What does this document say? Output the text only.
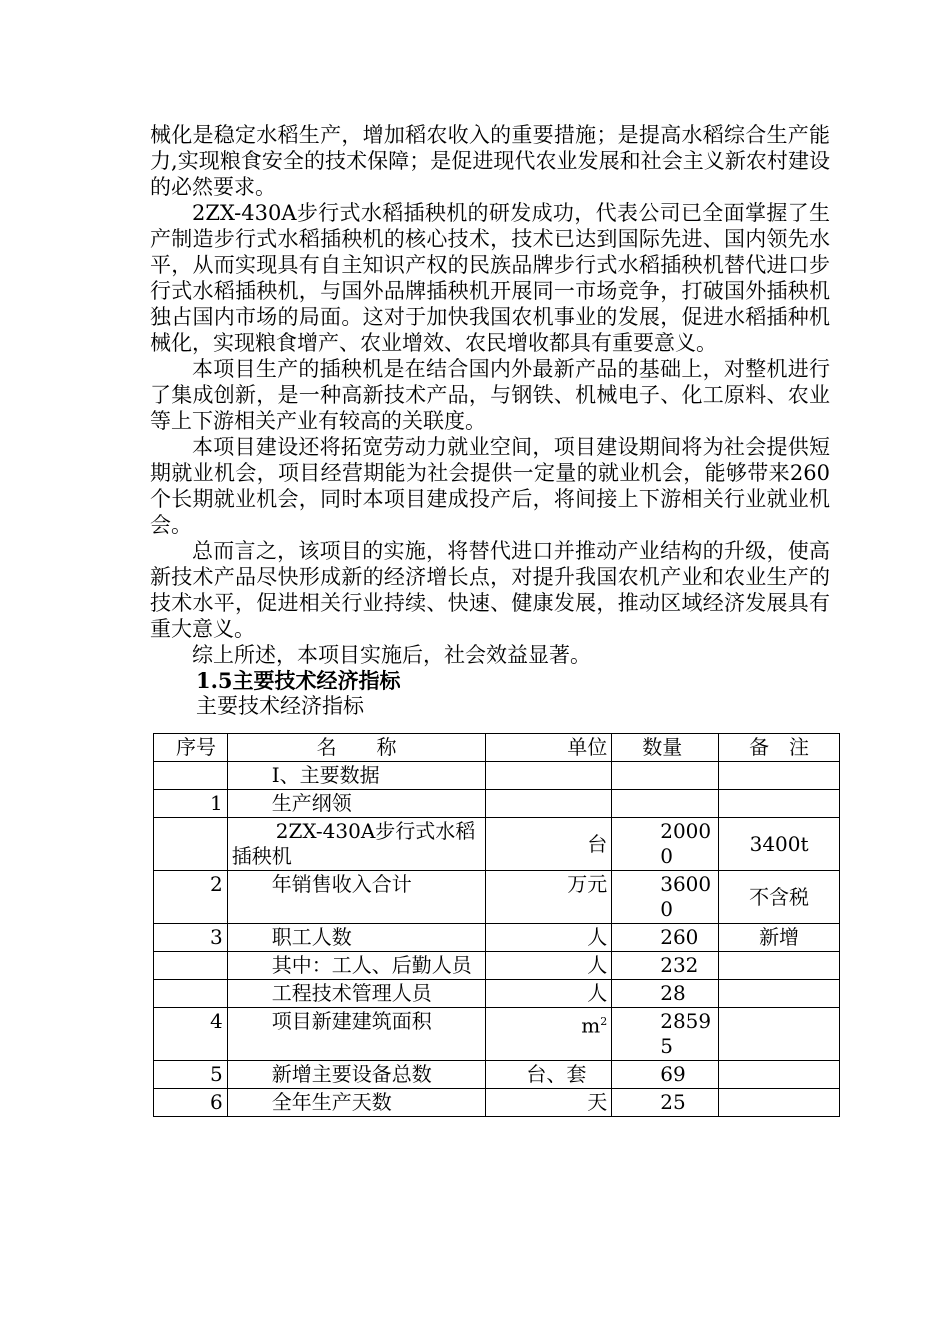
械化是稳定水稻生产，增加稻农收入的重要措施；是提高水稻综合生产能力,实现粮食安全的技术保障；是促进现代农业发展和社会主义新农村建设的必然要求。

2ZX-430A步行式水稻插秧机的研发成功，代表公司已全面掌握了生产制造步行式水稻插秧机的核心技术，技术已达到国际先进、国内领先水平，从而实现具有自主知识产权的民族品牌步行式水稻插秧机替代进口步行式水稻插秧机，与国外品牌插秧机开展同一市场竞争，打破国外插秧机独占国内市场的局面。这对于加快我国农机事业的发展，促进水稻插种机械化，实现粮食增产、农业增效、农民增收都具有重要意义。

本项目生产的插秧机是在结合国内外最新产品的基础上，对整机进行了集成创新，是一种高新技术产品，与钢铁、机械电子、化工原料、农业等上下游相关产业有较高的关联度。

本项目建设还将拓宽劳动力就业空间，项目建设期间将为社会提供短期就业机会，项目经营期能为社会提供一定量的就业机会，能够带来260个长期就业机会，同时本项目建成投产后，将间接上下游相关行业就业机会。

总而言之，该项目的实施，将替代进口并推动产业结构的升级，使高新技术产品尽快形成新的经济增长点，对提升我国农机产业和农业生产的技术水平，促进相关行业持续、快速、健康发展，推动区域经济发展具有重大意义。

综上所述，本项目实施后，社会效益显著。

1.5主要技术经济指标

主要技术经济指标

序号	名　　称	单位	数量	备　注
	Ⅰ、主要数据			
1	生产纲领			
	2ZX-430A步行式水稻插秧机	台	20000	3400t
2	年销售收入合计	万元	36000	不含税
3	职工人数	人	260	新增
	其中：工人、后勤人员	人	232	
	工程技术管理人员	人	28	
4	项目新建建筑面积	$m^2$	28595	
5	新增主要设备总数	台、套	69	
6	全年生产天数	天	25	
